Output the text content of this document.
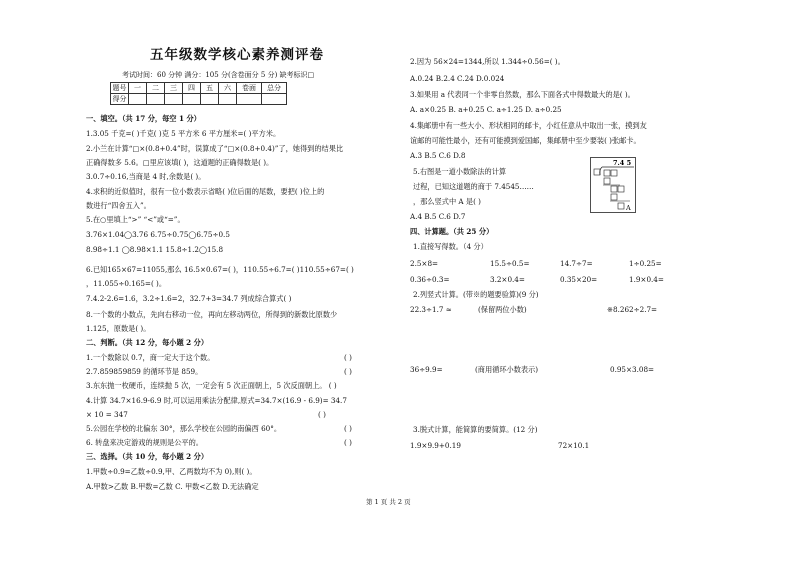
五年级数学核心素养测评卷
考试时间：60 分钟 满分：105 分(含卷面分 5 分) 缺考标识□
题号	一	二	三	四	五	六	卷面	总分
得分								
一、填空。（共 17 分，每空 1 分）
1.3.05 千克=( )千克( )克 5 平方米 6 平方厘米=( )平方米。
2.小兰在计算“□×(0.8+0.4”时，误算成了“□×(0.8+0.4)”了，她得到的结果比
正确得数多 5.6。□里应该填( )，这道题的正确得数是( )。
3.0.7÷0.16,当商是 4 时,余数是( )。
4.求积的近似值时，很有一位小数表示省略( )位后面的尾数，要把( )位上的
数进行“四舍五入”。
5.在○里填上“>” “<”或“=”。
3.76×1.04◯3.76 6.75÷0.75◯6.75÷0.5
8.98÷1.1 ◯8.98×1.1 15.8÷1.2◯15.8
6.已知165×67=11055,那么 16.5×0.67=( )，110.55÷6.7=( )110.55÷67=( )
，11.055÷0.165=( )。
7.4.2-2.6=1.6，3.2÷1.6=2，32.7+3=34.7 列成综合算式( )
8.一个数的小数点，先向右移动一位，再向左移动两位，所得到的新数比原数少
1.125，原数是( )。
二、判断。（共 12 分，每小题 2 分）
1.一个数除以 0.7，商一定大于这个数。	( )
2.7.859859859 的循环节是 859。	( )
3.东东抛一枚硬币，连续抛 5 次，一定会有 5 次正面朝上，5 次反面朝上。 ( )
4.计算 34.7×16.9-6.9 时,可以运用乘法分配律,原式=34.7×(16.9 - 6.9)= 34.7
× 10 = 347	( )
5.公园在学校的北偏东 30°，那么学校在公园的南偏西 60°。	( )
6. 转盘来决定游戏的规则是公平的。	( )
三、选择。（共 10 分，每小题 2 分）
1.甲数÷0.9=乙数÷0.9,甲、乙两数均不为 0),则( )。
A.甲数>乙数 B.甲数=乙数 C. 甲数<乙数 D.无法确定
2.因为 56×24=1344,所以 1.344÷0.56=( )。
A.0.24 B.2.4 C.24 D.0.024
3.如果用 a 代表同一个非零自然数，那么下面各式中得数最大的是( )。
A. a×0.25 B. a+0.25 C. a÷1.25 D. a÷0.25
4.集邮册中有一些大小、形状相同的邮卡，小红任意从中取出一张，摸到友
谊邮的可能性最小，还有可能摸到爱国邮，集邮册中至少要装( )张邮卡。
A.3 B.5 C.6 D.8
5.右图是一道小数除法的计算
过程，已知这道题的商于 7.4545……
，那么竖式中 A 是( )
A.4 B.5 C.6 D.7
7.4 5
A
四、计算题。（共 25 分）
1.直接写得数。（4 分）
2.5×8=	15.5÷0.5=	14.7÷7=	1÷0.25=
0.36÷0.3=	3.2×0.4=	0.35×20=	1.9×0.4=
2.列竖式计算。(带※的题要验算)(9 分)
22.3÷1.7 ≈	(保留两位小数)	※8.262÷2.7=
36÷9.9=	(商用循环小数表示)	0.95×3.08=
3.脱式计算，能简算的要简算。(12 分)
1.9×9.9+0.19	72×10.1
第 1 页 共 2 页
